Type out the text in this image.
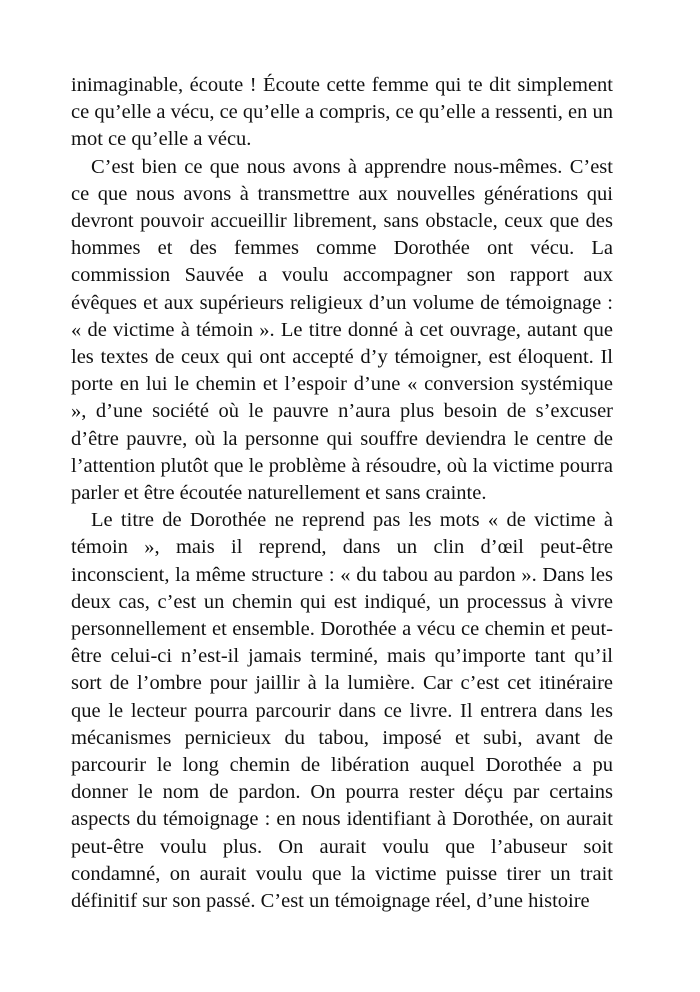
inimaginable, écoute ! Écoute cette femme qui te dit simplement ce qu’elle a vécu, ce qu’elle a compris, ce qu’elle a ressenti, en un mot ce qu’elle a vécu.

C’est bien ce que nous avons à apprendre nous-mêmes. C’est ce que nous avons à transmettre aux nouvelles générations qui devront pouvoir accueillir librement, sans obstacle, ceux que des hommes et des femmes comme Dorothée ont vécu. La commission Sauvée a voulu accompagner son rapport aux évêques et aux supérieurs religieux d’un volume de témoignage : « de victime à témoin ». Le titre donné à cet ouvrage, autant que les textes de ceux qui ont accepté d’y témoigner, est éloquent. Il porte en lui le chemin et l’espoir d’une « conversion systémique », d’une société où le pauvre n’aura plus besoin de s’excuser d’être pauvre, où la personne qui souffre deviendra le centre de l’attention plutôt que le problème à résoudre, où la victime pourra parler et être écoutée naturellement et sans crainte.

Le titre de Dorothée ne reprend pas les mots « de victime à témoin », mais il reprend, dans un clin d’œil peut-être inconscient, la même structure : « du tabou au pardon ». Dans les deux cas, c’est un chemin qui est indiqué, un processus à vivre personnellement et ensemble. Dorothée a vécu ce chemin et peut-être celui-ci n’est-il jamais terminé, mais qu’importe tant qu’il sort de l’ombre pour jaillir à la lumière. Car c’est cet itinéraire que le lecteur pourra parcourir dans ce livre. Il entrera dans les mécanismes pernicieux du tabou, imposé et subi, avant de parcourir le long chemin de libération auquel Dorothée a pu donner le nom de pardon. On pourra rester déçu par certains aspects du témoignage : en nous identifiant à Dorothée, on aurait peut-être voulu plus. On aurait voulu que l’abuseur soit condamné, on aurait voulu que la victime puisse tirer un trait définitif sur son passé. C’est un témoignage réel, d’une histoire
